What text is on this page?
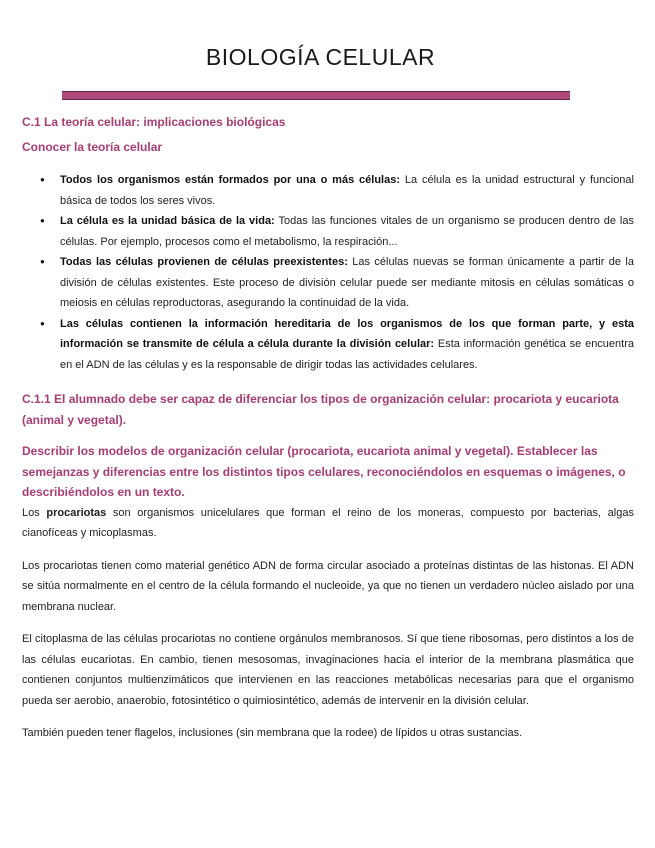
BIOLOGÍA CELULAR

C.1 La teoría celular: implicaciones biológicas

Conocer la teoría celular

● Todos los organismos están formados por una o más células: La célula es la unidad estructural y funcional básica de todos los seres vivos.
● La célula es la unidad básica de la vida: Todas las funciones vitales de un organismo se producen dentro de las células. Por ejemplo, procesos como el metabolismo, la respiración...
● Todas las células provienen de células preexistentes: Las células nuevas se forman únicamente a partir de la división de células existentes. Este proceso de división celular puede ser mediante mitosis en células somáticas o meiosis en células reproductoras, asegurando la continuidad de la vida.
● Las células contienen la información hereditaria de los organismos de los que forman parte, y esta información se transmite de célula a célula durante la división celular: Esta información genética se encuentra en el ADN de las células y es la responsable de dirigir todas las actividades celulares.

C.1.1 El alumnado debe ser capaz de diferenciar los tipos de organización celular: procariota y eucariota (animal y vegetal).

Describir los modelos de organización celular (procariota, eucariota animal y vegetal). Establecer las semejanzas y diferencias entre los distintos tipos celulares, reconociéndolos en esquemas o imágenes, o describiéndolos en un texto.

Los procariotas son organismos unicelulares que forman el reino de los moneras, compuesto por bacterias, algas cianofíceas y micoplasmas.

Los procariotas tienen como material genético ADN de forma circular asociado a proteínas distintas de las histonas. El ADN se sitúa normalmente en el centro de la célula formando el nucleoide, ya que no tienen un verdadero núcleo aislado por una membrana nuclear.

El citoplasma de las células procariotas no contiene orgánulos membranosos. Sí que tiene ribosomas, pero distintos a los de las células eucariotas. En cambio, tienen mesosomas, invaginaciones hacia el interior de la membrana plasmática que contienen conjuntos multienzimáticos que intervienen en las reacciones metabólicas necesarias para que el organismo pueda ser aerobio, anaerobio, fotosintético o quimiosintético, además de intervenir en la división celular.

También pueden tener flagelos, inclusiones (sin membrana que la rodee) de lípidos u otras sustancias.
